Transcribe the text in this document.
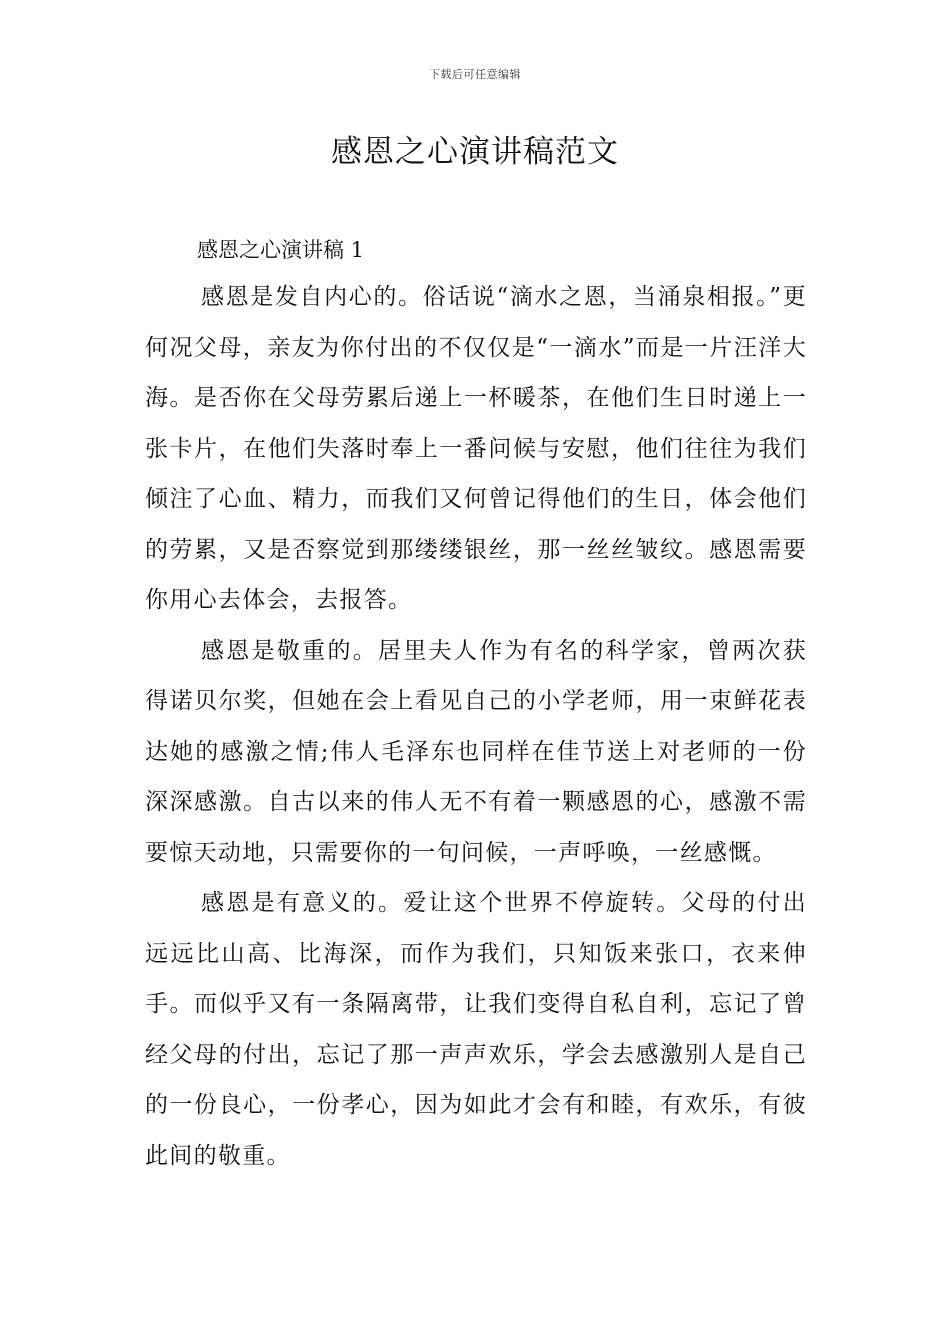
下载后可任意编辑
感恩之心演讲稿范文

感恩之心演讲稿 1

感恩是发自内心的。俗话说“滴水之恩，当涌泉相报。”更何况父母，亲友为你付出的不仅仅是“一滴水”而是一片汪洋大海。是否你在父母劳累后递上一杯暖茶，在他们生日时递上一张卡片，在他们失落时奉上一番问候与安慰，他们往往为我们倾注了心血、精力，而我们又何曾记得他们的生日，体会他们的劳累，又是否察觉到那缕缕银丝，那一丝丝皱纹。感恩需要你用心去体会，去报答。

感恩是敬重的。居里夫人作为有名的科学家，曾两次获得诺贝尔奖，但她在会上看见自己的小学老师，用一束鲜花表达她的感激之情;伟人毛泽东也同样在佳节送上对老师的一份深深感激。自古以来的伟人无不有着一颗感恩的心，感激不需要惊天动地，只需要你的一句问候，一声呼唤，一丝感慨。

感恩是有意义的。爱让这个世界不停旋转。父母的付出远远比山高、比海深，而作为我们，只知饭来张口，衣来伸手。而似乎又有一条隔离带，让我们变得自私自利，忘记了曾经父母的付出，忘记了那一声声欢乐，学会去感激别人是自己的一份良心，一份孝心，因为如此才会有和睦，有欢乐，有彼此间的敬重。
